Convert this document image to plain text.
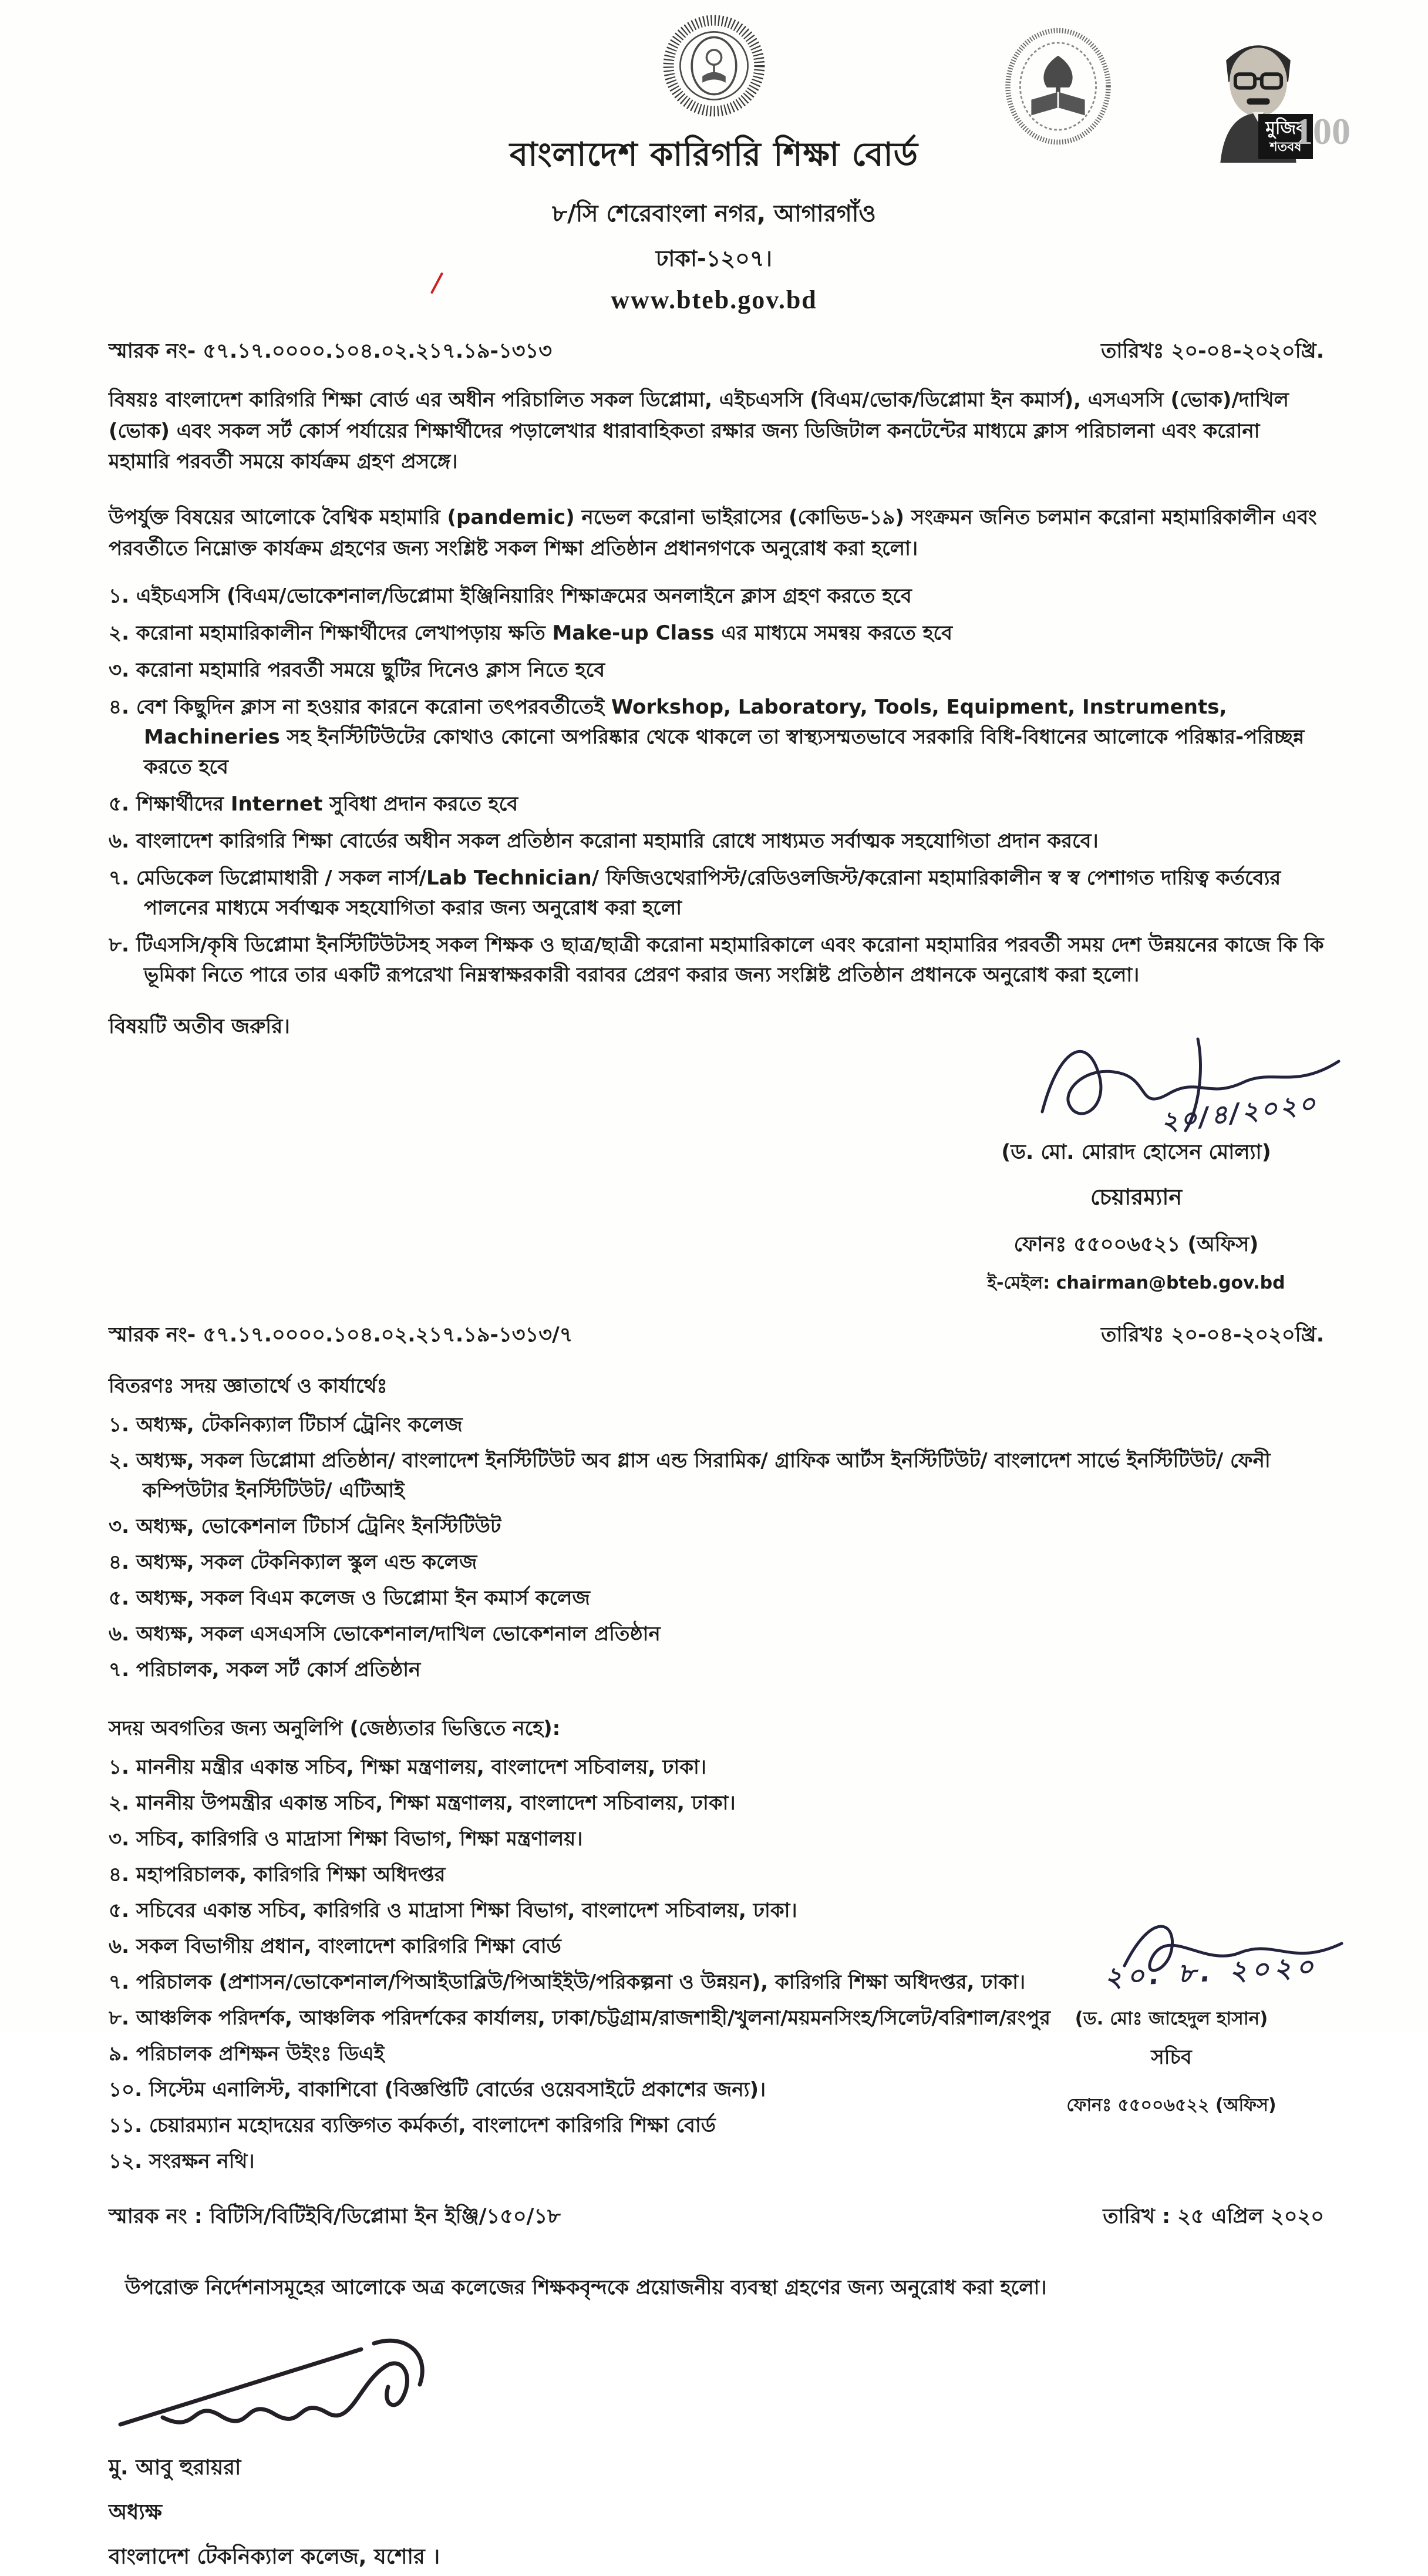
বাংলাদেশ কারিগরি শিক্ষা বোর্ড
৮/সি শেরেবাংলা নগর, আগারগাঁও
ঢাকা-১২০৭।
www.bteb.gov.bd
মুজিব
শতবর্ষ
100
স্মারক নং- ৫৭.১৭.০০০০.১০৪.০২.২১৭.১৯-১৩১৩	তারিখঃ ২০-০৪-২০২০খ্রি.
বিষয়ঃ বাংলাদেশ কারিগরি শিক্ষা বোর্ড এর অধীন পরিচালিত সকল ডিপ্লোমা, এইচএসসি (বিএম/ভোক/ডিপ্লোমা ইন কমার্স), এসএসসি (ভোক)/দাখিল (ভোক) এবং সকল সর্ট কোর্স পর্যায়ের শিক্ষার্থীদের পড়ালেখার ধারাবাহিকতা রক্ষার জন্য ডিজিটাল কনটেন্টের মাধ্যমে ক্লাস পরিচালনা এবং করোনা মহামারি পরবর্তী সময়ে কার্যক্রম গ্রহণ প্রসঙ্গে।
উপর্যুক্ত বিষয়ের আলোকে বৈশ্বিক মহামারি (pandemic) নভেল করোনা ভাইরাসের (কোভিড-১৯) সংক্রমন জনিত চলমান করোনা মহামারিকালীন এবং পরবর্তীতে নিম্নোক্ত কার্যক্রম গ্রহণের জন্য সংশ্লিষ্ট সকল শিক্ষা প্রতিষ্ঠান প্রধানগণকে অনুরোধ করা হলো।
১. এইচএসসি (বিএম/ভোকেশনাল/ডিপ্লোমা ইঞ্জিনিয়ারিং শিক্ষাক্রমের অনলাইনে ক্লাস গ্রহণ করতে হবে
২. করোনা মহামারিকালীন শিক্ষার্থীদের লেখাপড়ায় ক্ষতি Make-up Class এর মাধ্যমে সমন্বয় করতে হবে
৩. করোনা মহামারি পরবর্তী সময়ে ছুটির দিনেও ক্লাস নিতে হবে
৪. বেশ কিছুদিন ক্লাস না হওয়ার কারনে করোনা তৎপরবর্তীতেই Workshop, Laboratory, Tools, Equipment, Instruments, Machineries সহ ইনস্টিটিউটের কোথাও কোনো অপরিষ্কার থেকে থাকলে তা স্বাস্থ্যসম্মতভাবে সরকারি বিধি-বিধানের আলোকে পরিষ্কার-পরিচ্ছন্ন করতে হবে
৫. শিক্ষার্থীদের Internet সুবিধা প্রদান করতে হবে
৬. বাংলাদেশ কারিগরি শিক্ষা বোর্ডের অধীন সকল প্রতিষ্ঠান করোনা মহামারি রোধে সাধ্যমত সর্বাত্মক সহযোগিতা প্রদান করবে।
৭. মেডিকেল ডিপ্লোমাধারী / সকল নার্স/Lab Technician/ ফিজিওথেরাপিস্ট/রেডিওলজিস্ট/করোনা মহামারিকালীন স্ব স্ব পেশাগত দায়িত্ব কর্তব্যের পালনের মাধ্যমে সর্বাত্মক সহযোগিতা করার জন্য অনুরোধ করা হলো
৮. টিএসসি/কৃষি ডিপ্লোমা ইনস্টিটিউটসহ সকল শিক্ষক ও ছাত্র/ছাত্রী করোনা মহামারিকালে এবং করোনা মহামারির পরবর্তী সময় দেশ উন্নয়নের কাজে কি কি ভূমিকা নিতে পারে তার একটি রূপরেখা নিম্নস্বাক্ষরকারী বরাবর প্রেরণ করার জন্য সংশ্লিষ্ট প্রতিষ্ঠান প্রধানকে অনুরোধ করা হলো।
বিষয়টি অতীব জরুরি।
২০/৪/২০২০
(ড. মো. মোরাদ হোসেন মোল্যা)
চেয়ারম্যান
ফোনঃ ৫৫০০৬৫২১ (অফিস)
ই-মেইল: chairman@bteb.gov.bd
স্মারক নং- ৫৭.১৭.০০০০.১০৪.০২.২১৭.১৯-১৩১৩/৭	তারিখঃ ২০-০৪-২০২০খ্রি.
বিতরণঃ সদয় জ্ঞাতার্থে ও কার্যার্থেঃ
১. অধ্যক্ষ, টেকনিক্যাল টিচার্স ট্রেনিং কলেজ
২. অধ্যক্ষ, সকল ডিপ্লোমা প্রতিষ্ঠান/ বাংলাদেশ ইনস্টিটিউট অব গ্লাস এন্ড সিরামিক/ গ্রাফিক আর্টস ইনস্টিটিউট/ বাংলাদেশ সার্ভে ইনস্টিটিউট/ ফেনী কম্পিউটার ইনস্টিটিউট/ এটিআই
৩. অধ্যক্ষ, ভোকেশনাল টিচার্স ট্রেনিং ইনস্টিটিউট
৪. অধ্যক্ষ, সকল টেকনিক্যাল স্কুল এন্ড কলেজ
৫. অধ্যক্ষ, সকল বিএম কলেজ ও ডিপ্লোমা ইন কমার্স কলেজ
৬. অধ্যক্ষ, সকল এসএসসি ভোকেশনাল/দাখিল ভোকেশনাল প্রতিষ্ঠান
৭. পরিচালক, সকল সর্ট কোর্স প্রতিষ্ঠান
সদয় অবগতির জন্য অনুলিপি (জেষ্ঠ্যতার ভিত্তিতে নহে):
১. মাননীয় মন্ত্রীর একান্ত সচিব, শিক্ষা মন্ত্রণালয়, বাংলাদেশ সচিবালয়, ঢাকা।
২. মাননীয় উপমন্ত্রীর একান্ত সচিব, শিক্ষা মন্ত্রণালয়, বাংলাদেশ সচিবালয়, ঢাকা।
৩. সচিব, কারিগরি ও মাদ্রাসা শিক্ষা বিভাগ, শিক্ষা মন্ত্রণালয়।
৪. মহাপরিচালক, কারিগরি শিক্ষা অধিদপ্তর
৫. সচিবের একান্ত সচিব, কারিগরি ও মাদ্রাসা শিক্ষা বিভাগ, বাংলাদেশ সচিবালয়, ঢাকা।
৬. সকল বিভাগীয় প্রধান, বাংলাদেশ কারিগরি শিক্ষা বোর্ড
৭. পরিচালক (প্রশাসন/ভোকেশনাল/পিআইডাব্লিউ/পিআইইউ/পরিকল্পনা ও উন্নয়ন), কারিগরি শিক্ষা অধিদপ্তর, ঢাকা।
৮. আঞ্চলিক পরিদর্শক, আঞ্চলিক পরিদর্শকের কার্যালয়, ঢাকা/চট্টগ্রাম/রাজশাহী/খুলনা/ময়মনসিংহ/সিলেট/বরিশাল/রংপুর
৯. পরিচালক প্রশিক্ষন উইংঃ ডিএই
১০. সিস্টেম এনালিস্ট, বাকাশিবো (বিজ্ঞপ্তিটি বোর্ডের ওয়েবসাইটে প্রকাশের জন্য)।
১১. চেয়ারম্যান মহোদয়ের ব্যক্তিগত কর্মকর্তা, বাংলাদেশ কারিগরি শিক্ষা বোর্ড
১২. সংরক্ষন নথি।
২০. ৮. ২০২০
(ড. মোঃ জাহেদুল হাসান)
সচিব
ফোনঃ ৫৫০০৬৫২২ (অফিস)
স্মারক নং : বিটিসি/বিটিইবি/ডিপ্লোমা ইন ইঞ্জি/১৫০/১৮	তারিখ : ২৫ এপ্রিল ২০২০
উপরোক্ত নির্দেশনাসমূহের আলোকে অত্র কলেজের শিক্ষকবৃন্দকে প্রয়োজনীয় ব্যবস্থা গ্রহণের জন্য অনুরোধ করা হলো।
মু. আবু হুরায়রা
অধ্যক্ষ
বাংলাদেশ টেকনিক্যাল কলেজ, যশোর ।
